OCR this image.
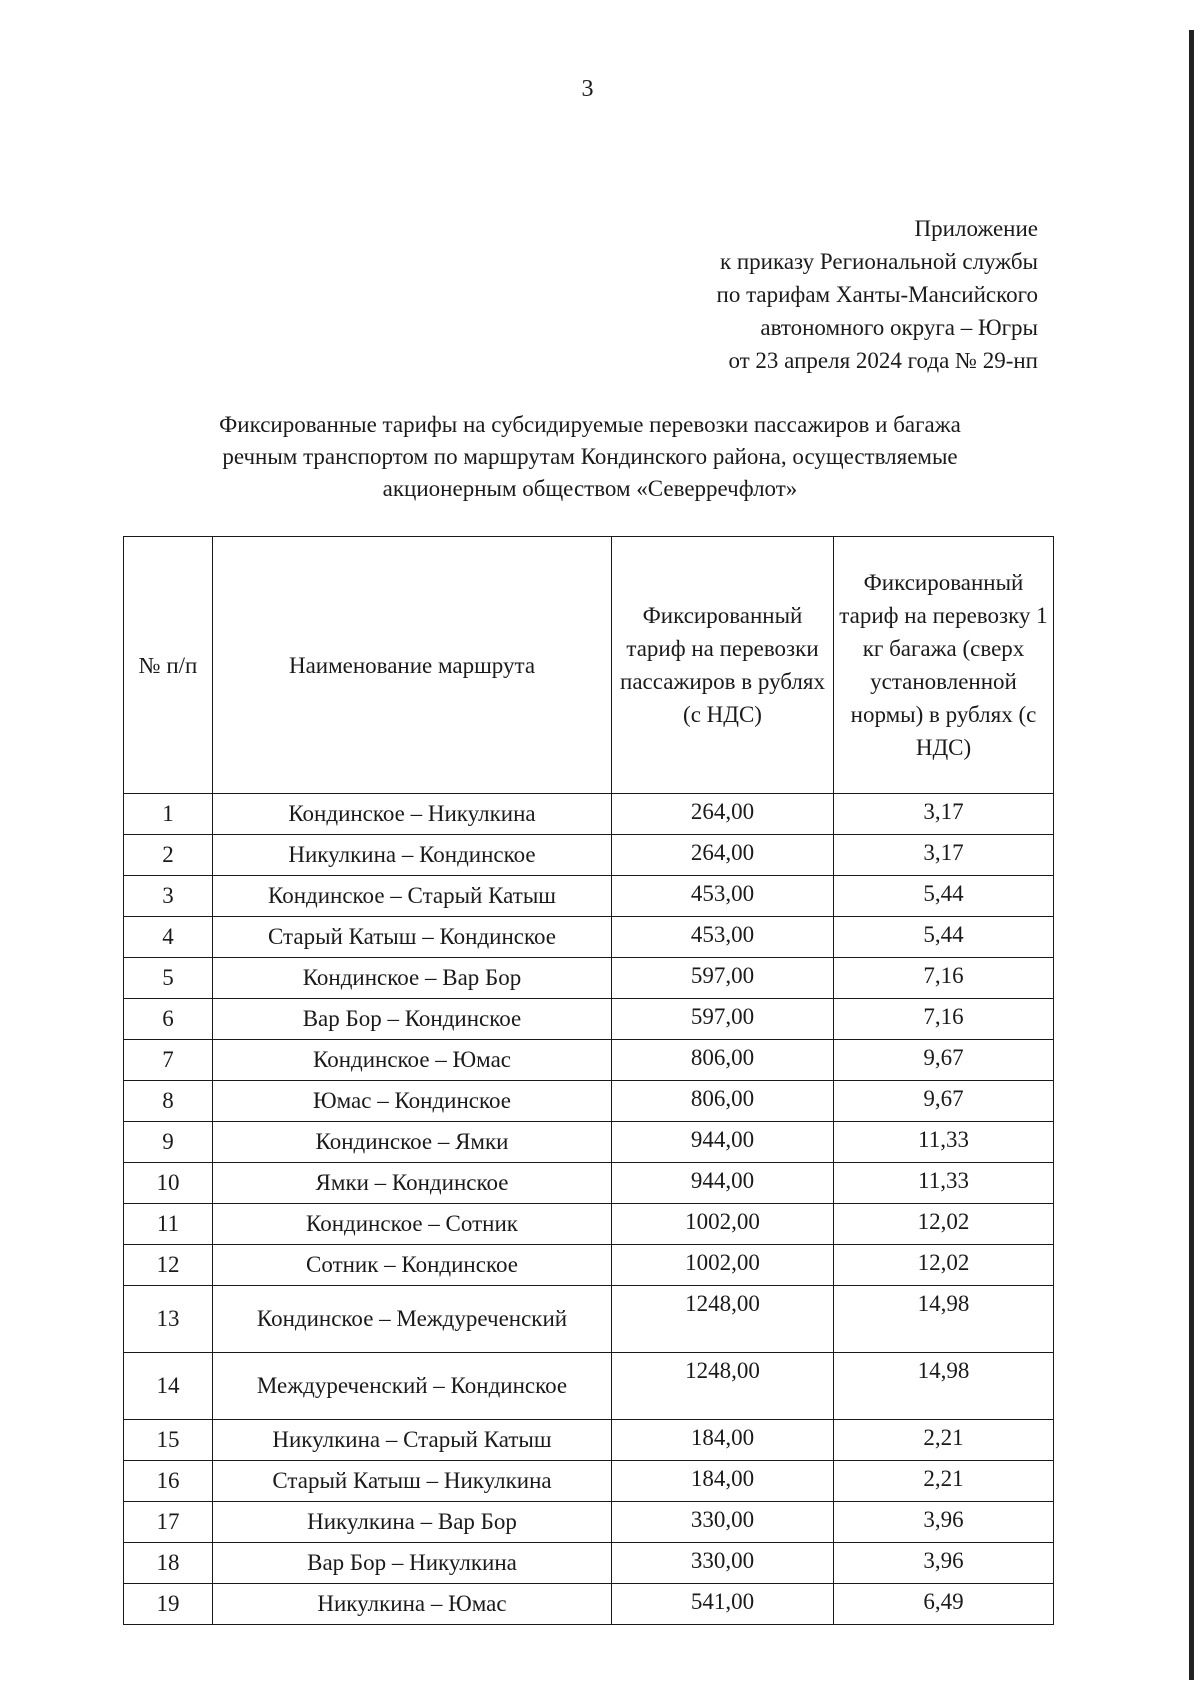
3
Приложение
к приказу Региональной службы
по тарифам Ханты-Мансийского
автономного округа – Югры
от 23 апреля 2024 года № 29-нп
Фиксированные тарифы на субсидируемые перевозки пассажиров и багажа
речным транспортом по маршрутам Кондинского района, осуществляемые
акционерным обществом «Северречфлот»
№ п/п	Наименование маршрута	Фиксированный тариф на перевозки пассажиров в рублях (с НДС)	Фиксированный тариф на перевозку 1 кг багажа (сверх установленной нормы) в рублях (с НДС)
1	Кондинское – Никулкина	264,00	3,17
2	Никулкина – Кондинское	264,00	3,17
3	Кондинское – Старый Катыш	453,00	5,44
4	Старый Катыш – Кондинское	453,00	5,44
5	Кондинское – Вар Бор	597,00	7,16
6	Вар Бор – Кондинское	597,00	7,16
7	Кондинское – Юмас	806,00	9,67
8	Юмас – Кондинское	806,00	9,67
9	Кондинское – Ямки	944,00	11,33
10	Ямки – Кондинское	944,00	11,33
11	Кондинское – Сотник	1002,00	12,02
12	Сотник – Кондинское	1002,00	12,02
13	Кондинское – Междуреченский	1248,00	14,98
14	Междуреченский – Кондинское	1248,00	14,98
15	Никулкина – Старый Катыш	184,00	2,21
16	Старый Катыш – Никулкина	184,00	2,21
17	Никулкина – Вар Бор	330,00	3,96
18	Вар Бор – Никулкина	330,00	3,96
19	Никулкина – Юмас	541,00	6,49
